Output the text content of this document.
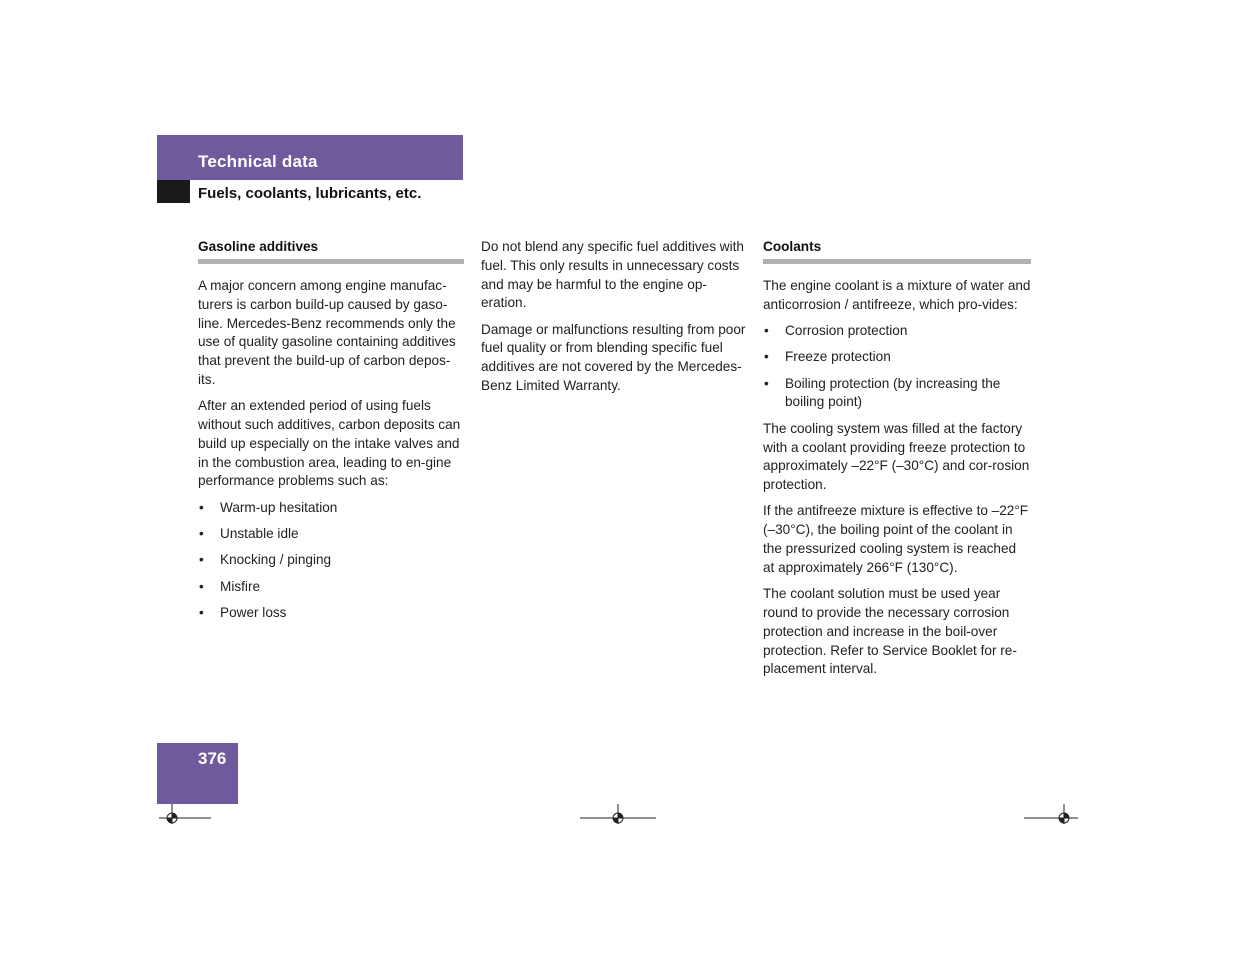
Technical data
Fuels, coolants, lubricants, etc.
Gasoline additives

A major concern among engine manufac-turers is carbon build-up caused by gaso-line. Mercedes-Benz recommends only the use of quality gasoline containing additives that prevent the build-up of carbon depos-its.

After an extended period of using fuels without such additives, carbon deposits can build up especially on the intake valves and in the combustion area, leading to en-gine performance problems such as:

• Warm-up hesitation
• Unstable idle
• Knocking / pinging
• Misfire
• Power loss

Do not blend any specific fuel additives with fuel. This only results in unnecessary costs and may be harmful to the engine op-eration.

Damage or malfunctions resulting from poor fuel quality or from blending specific fuel additives are not covered by the Mercedes-Benz Limited Warranty.

Coolants

The engine coolant is a mixture of water and anticorrosion / antifreeze, which pro-vides:

• Corrosion protection
• Freeze protection
• Boiling protection (by increasing the boiling point)

The cooling system was filled at the factory with a coolant providing freeze protection to approximately –22°F (–30°C) and cor-rosion protection.

If the antifreeze mixture is effective to –22°F (–30°C), the boiling point of the coolant in the pressurized cooling system is reached at approximately 266°F (130°C).

The coolant solution must be used year round to provide the necessary corrosion protection and increase in the boil-over protection. Refer to Service Booklet for re-placement interval.

376
